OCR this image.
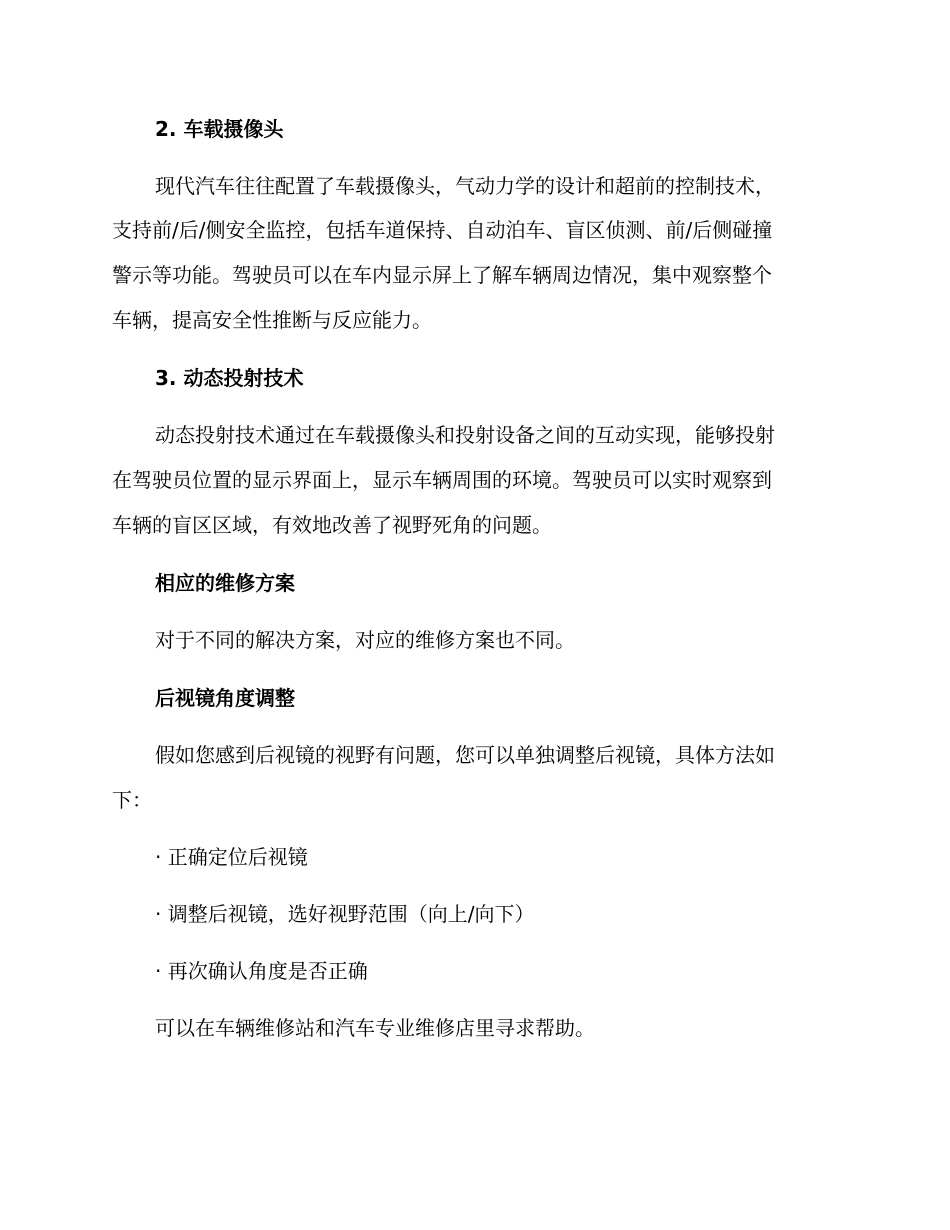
2. 车载摄像头
现代汽车往往配置了车载摄像头，气动力学的设计和超前的控制技术，
支持前/后/侧安全监控，包括车道保持、自动泊车、盲区侦测、前/后侧碰撞
警示等功能。驾驶员可以在车内显示屏上了解车辆周边情况，集中观察整个
车辆，提高安全性推断与反应能力。
3. 动态投射技术
动态投射技术通过在车载摄像头和投射设备之间的互动实现，能够投射
在驾驶员位置的显示界面上，显示车辆周围的环境。驾驶员可以实时观察到
车辆的盲区区域，有效地改善了视野死角的问题。
相应的维修方案
对于不同的解决方案，对应的维修方案也不同。
后视镜角度调整
假如您感到后视镜的视野有问题，您可以单独调整后视镜，具体方法如
下：
· 正确定位后视镜
· 调整后视镜，选好视野范围（向上/向下）
· 再次确认角度是否正确
可以在车辆维修站和汽车专业维修店里寻求帮助。
